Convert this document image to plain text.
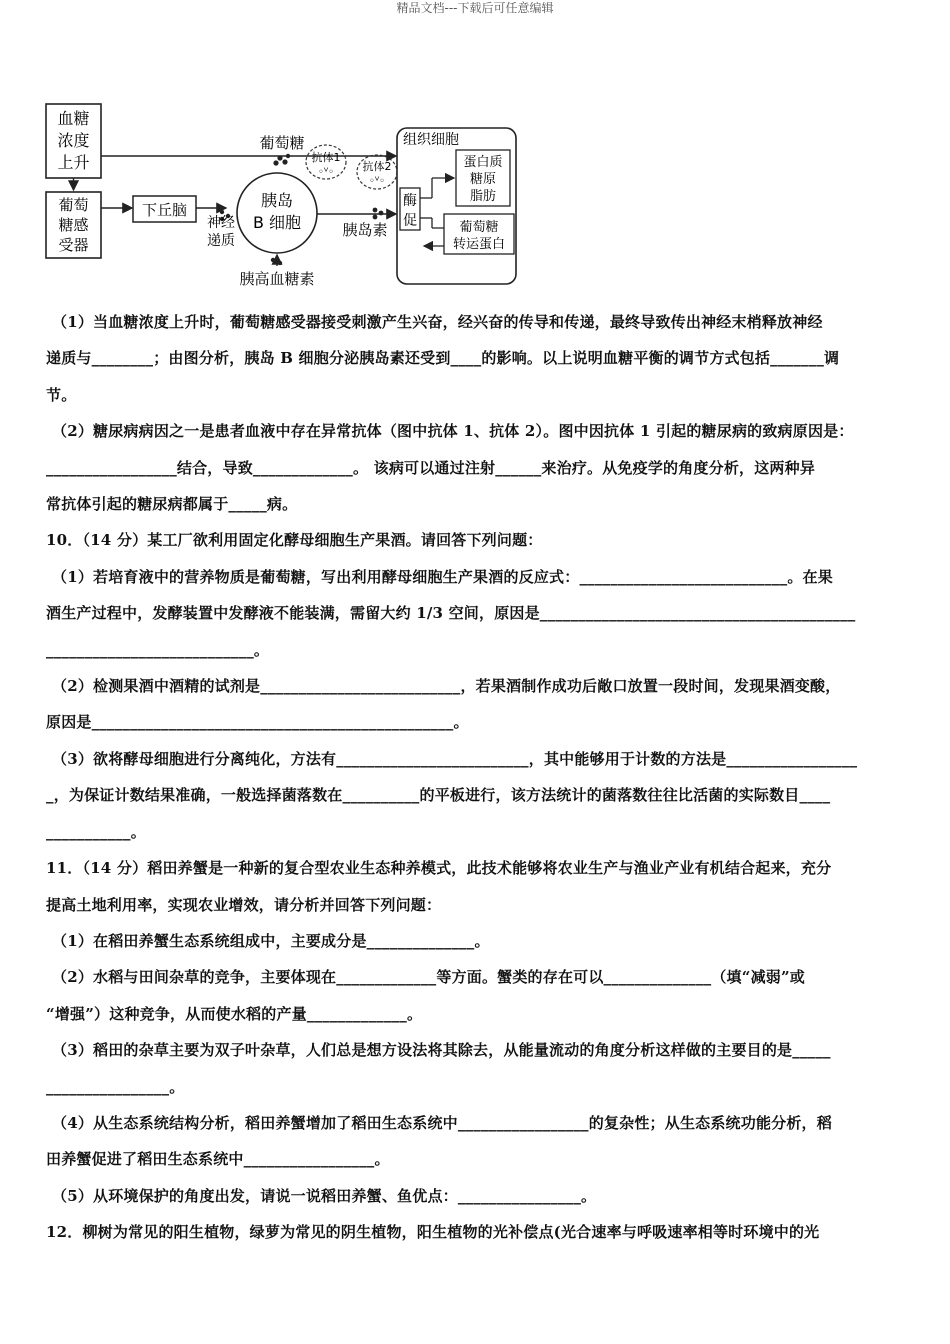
精品文档---下载后可任意编辑
血糖
浓度
上升
葡萄
糖感
受器
葡萄糖
抗体1
◦ⱽ◦	抗体2
◦ⱽ◦
下丘脑
神经
递质
胰岛
B 细胞
胰高血糖素
胰岛素
组织细胞
酶
促
蛋白质
糖原
脂肪
葡萄糖
转运蛋白

（1）当血糖浓度上升时，葡萄糖感受器接受刺激产生兴奋，经兴奋的传导和传递，最终导致传出神经末梢释放神经

递质与________；由图分析，胰岛 B 细胞分泌胰岛素还受到____的影响。以上说明血糖平衡的调节方式包括_______调

节。

（2）糖尿病病因之一是患者血液中存在异常抗体（图中抗体 1、抗体 2）。图中因抗体 1 引起的糖尿病的致病原因是：

_________________结合，导致_____________。 该病可以通过注射______来治疗。从免疫学的角度分析，这两种异

常抗体引起的糖尿病都属于_____病。

10．（14 分）某工厂欲利用固定化酵母细胞生产果酒。请回答下列问题：

（1）若培育液中的营养物质是葡萄糖，写出利用酵母细胞生产果酒的反应式：___________________________。在果

酒生产过程中，发酵装置中发酵液不能装满，需留大约 1/3 空间，原因是_________________________________________

___________________________。

（2）检测果酒中酒精的试剂是__________________________，若果酒制作成功后敞口放置一段时间，发现果酒变酸，

原因是_______________________________________________。

（3）欲将酵母细胞进行分离纯化，方法有_________________________，其中能够用于计数的方法是_________________

_，为保证计数结果准确，一般选择菌落数在__________的平板进行，该方法统计的菌落数往往比活菌的实际数目____

___________。

11．（14 分）稻田养蟹是一种新的复合型农业生态种养模式，此技术能够将农业生产与渔业产业有机结合起来，充分

提高土地利用率，实现农业增效，请分析并回答下列问题：

（1）在稻田养蟹生态系统组成中，主要成分是______________。

（2）水稻与田间杂草的竞争，主要体现在_____________等方面。蟹类的存在可以______________（填“减弱”或

“增强”）这种竞争，从而使水稻的产量_____________。

（3）稻田的杂草主要为双子叶杂草，人们总是想方设法将其除去，从能量流动的角度分析这样做的主要目的是_____

________________。

（4）从生态系统结构分析，稻田养蟹增加了稻田生态系统中_________________的复杂性；从生态系统功能分析，稻

田养蟹促进了稻田生态系统中_________________。

（5）从环境保护的角度出发，请说一说稻田养蟹、鱼优点：________________。

12．柳树为常见的阳生植物，绿萝为常见的阴生植物，阳生植物的光补偿点(光合速率与呼吸速率相等时环境中的光
